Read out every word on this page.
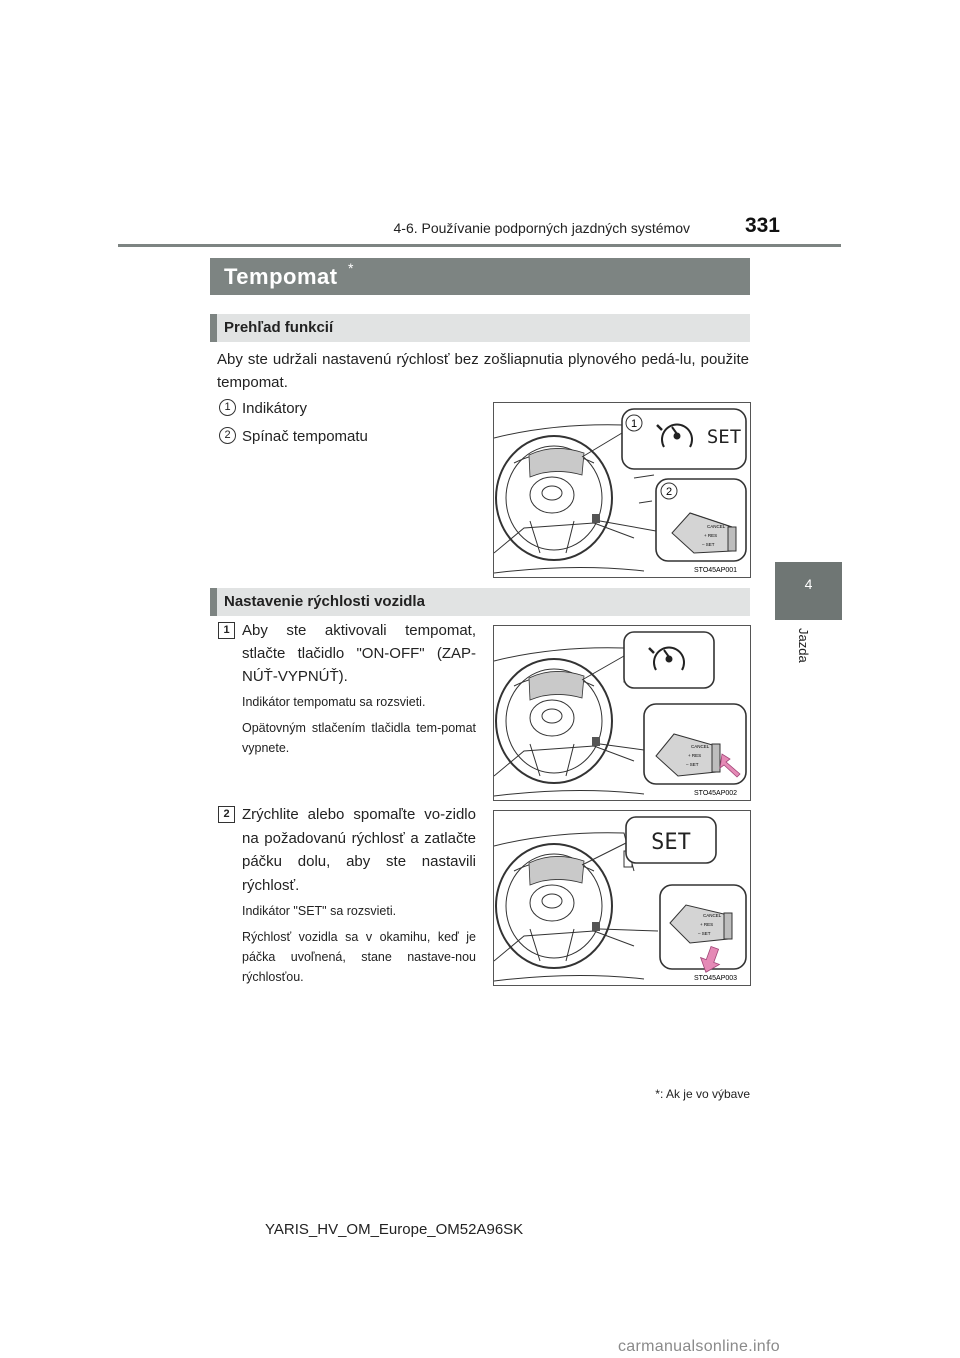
4-6. Používanie podporných jazdných systémov	331
4
Jazda
Tempomat *
Prehľad funkcií
Aby ste udržali nastavenú rýchlosť bez zošliapnutia plynového pedá-lu, použite tempomat.
1 Indikátory
2 Spínač tempomatu
1
SET
2
CANCEL
+ RES
– SET
STO45AP001
Nastavenie rýchlosti vozidla
1 Aby ste aktivovali tempomat, stlačte tlačidlo "ON-OFF" (ZAP-NÚŤ-VYPNÚŤ).
Indikátor tempomatu sa rozsvieti.
Opätovným stlačením tlačidla tem-pomat vypnete.	CANCEL
+ RES
– SET
STO45AP002
2 Zrýchlite alebo spomaľte vo-zidlo na požadovanú rýchlosť a zatlačte páčku dolu, aby ste nastavili rýchlosť.
Indikátor "SET" sa rozsvieti.
Rýchlosť vozidla sa v okamihu, keď je páčka uvoľnená, stane nastave-nou rýchlosťou.
SET
CANCEL
+ RES
– SET
STO45AP003
*: Ak je vo výbave
YARIS_HV_OM_Europe_OM52A96SK
carmanualsonline.info
